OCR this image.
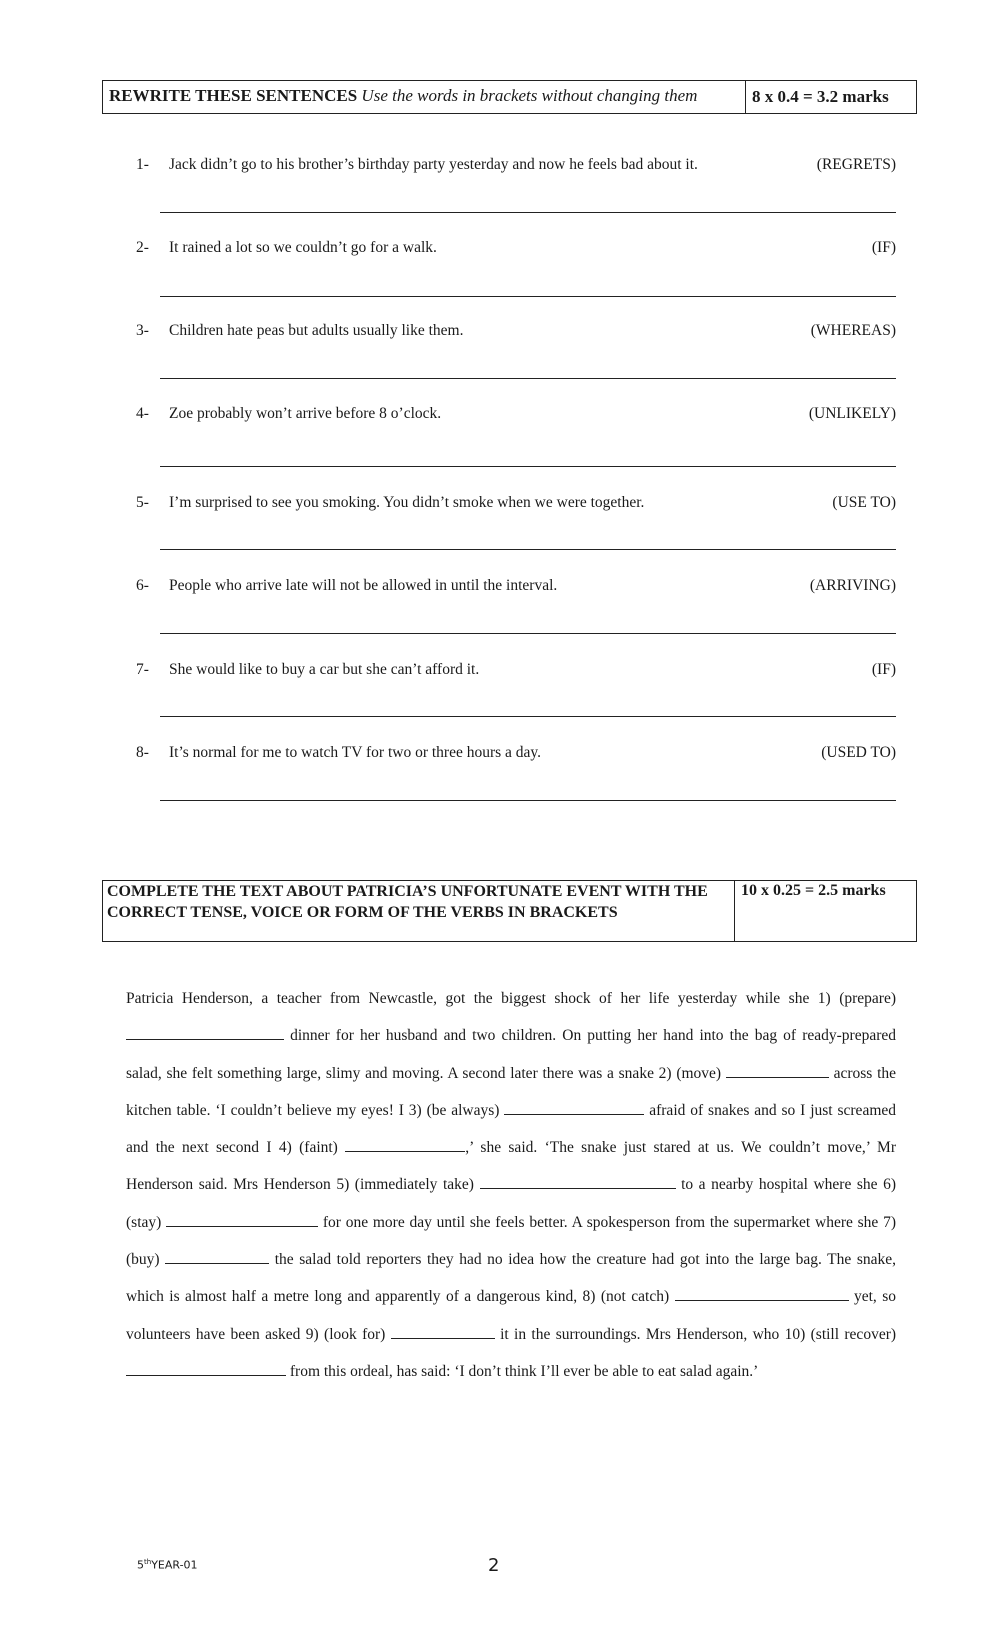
REWRITE THESE SENTENCES Use the words in brackets without changing them	8 x 0.4 = 3.2 marks
1- Jack didn’t go to his brother’s birthday party yesterday and now he feels bad about it.	(REGRETS)
2- It rained a lot so we couldn’t go for a walk.	(IF)
3- Children hate peas but adults usually like them.	(WHEREAS)
4- Zoe probably won’t arrive before 8 o’clock.	(UNLIKELY)
5- I’m surprised to see you smoking. You didn’t smoke when we were together.	(USE TO)
6- People who arrive late will not be allowed in until the interval.	(ARRIVING)
7- She would like to buy a car but she can’t afford it.	(IF)
8- It’s normal for me to watch TV for two or three hours a day.	(USED TO)
COMPLETE THE TEXT ABOUT PATRICIA’S UNFORTUNATE EVENT WITH THE CORRECT TENSE, VOICE OR FORM OF THE VERBS IN BRACKETS
10 x 0.25 = 2.5 marks

Patricia Henderson, a teacher from Newcastle, got the biggest shock of her life yesterday while she 1) (prepare)  dinner for her husband and two children. On putting her hand into the bag of ready-prepared salad, she felt something large, slimy and moving. A second later there was a snake 2) (move)	across the kitchen table. ‘I couldn’t believe my eyes! I 3) (be always)	afraid of snakes and so I just screamed and the next second I 4) (faint)	,’ she said. ‘The snake just stared at us. We couldn’t move,’ Mr Henderson said. Mrs Henderson 5) (immediately take)	to a nearby hospital where she 6) (stay)	for one more day until she feels better. A spokesperson from the supermarket where she 7) (buy)	the salad told reporters they had no idea how the creature had got into the large bag. The snake, which is almost half a metre long and apparently of a dangerous kind, 8) (not catch)	yet, so volunteers have been asked 9) (look for)	it in the surroundings. Mrs Henderson, who 10) (still recover)  from this ordeal, has said: ‘I don’t think I’ll ever be able to eat salad again.’

5thYEAR-01	2
